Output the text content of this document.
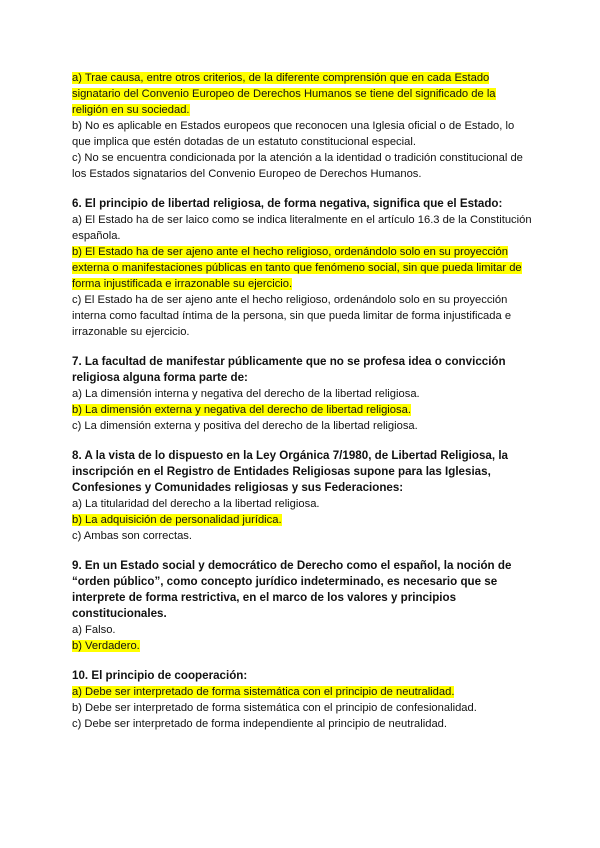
a) Trae causa, entre otros criterios, de la diferente comprensión que en cada Estado signatario del Convenio Europeo de Derechos Humanos se tiene del significado de la religión en su sociedad.

b) No es aplicable en Estados europeos que reconocen una Iglesia oficial o de Estado, lo que implica que estén dotadas de un estatuto constitucional especial.

c) No se encuentra condicionada por la atención a la identidad o tradición constitucional de los Estados signatarios del Convenio Europeo de Derechos Humanos.

6. El principio de libertad religiosa, de forma negativa, significa que el Estado:

a) El Estado ha de ser laico como se indica literalmente en el artículo 16.3 de la Constitución española.

b) El Estado ha de ser ajeno ante el hecho religioso, ordenándolo solo en su proyección externa o manifestaciones públicas en tanto que fenómeno social, sin que pueda limitar de forma injustificada e irrazonable su ejercicio.

c) El Estado ha de ser ajeno ante el hecho religioso, ordenándolo solo en su proyección interna como facultad íntima de la persona, sin que pueda limitar de forma injustificada e irrazonable su ejercicio.

7. La facultad de manifestar públicamente que no se profesa idea o convicción religiosa alguna forma parte de:

a) La dimensión interna y negativa del derecho de la libertad religiosa.

b) La dimensión externa y negativa del derecho de libertad religiosa.

c) La dimensión externa y positiva del derecho de la libertad religiosa.

8. A la vista de lo dispuesto en la Ley Orgánica 7/1980, de Libertad Religiosa, la inscripción en el Registro de Entidades Religiosas supone para las Iglesias, Confesiones y Comunidades religiosas y sus Federaciones:

a) La titularidad del derecho a la libertad religiosa.

b) La adquisición de personalidad jurídica.

c) Ambas son correctas.

9. En un Estado social y democrático de Derecho como el español, la noción de “orden público”, como concepto jurídico indeterminado, es necesario que se interprete de forma restrictiva, en el marco de los valores y principios constitucionales.

a) Falso.

b) Verdadero.

10. El principio de cooperación:

a) Debe ser interpretado de forma sistemática con el principio de neutralidad.

b) Debe ser interpretado de forma sistemática con el principio de confesionalidad.

c) Debe ser interpretado de forma independiente al principio de neutralidad.
